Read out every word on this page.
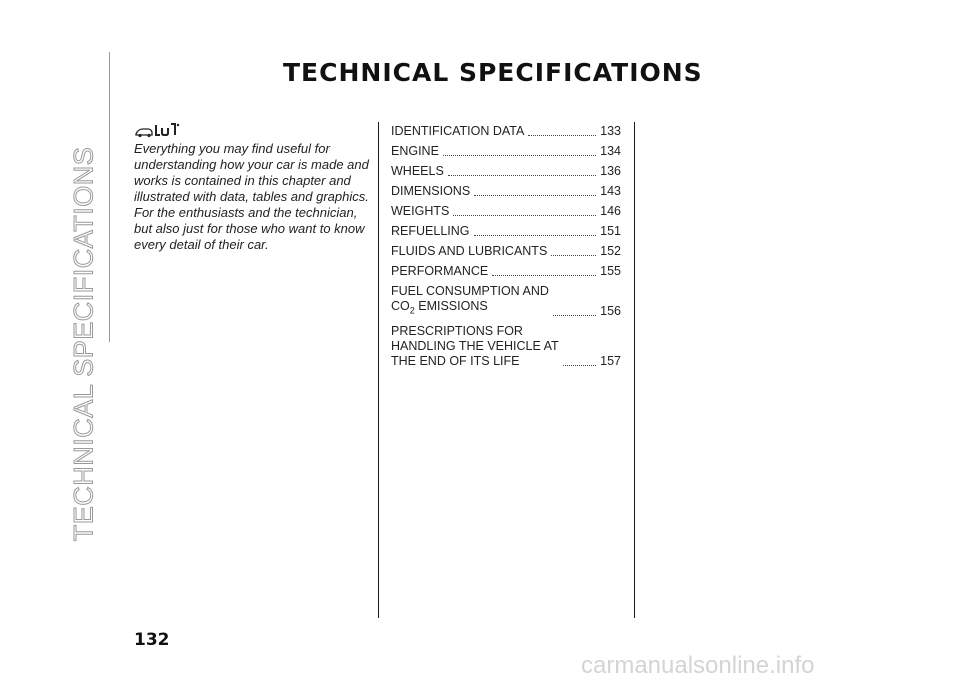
TECHNICAL SPECIFICATIONS
TECHNICAL SPECIFICATIONS
Everything you may find useful for understanding how your car is made and works is contained in this chapter and illustrated with data, tables and graphics. For the enthusiasts and the technician, but also just for those who want to know every detail of their car.
IDENTIFICATION DATA	133
ENGINE	134
WHEELS	136
DIMENSIONS	143
WEIGHTS	146
REFUELLING	151
FLUIDS AND LUBRICANTS	152
PERFORMANCE	155
FUEL CONSUMPTION AND
$CO_2$ EMISSIONS	156
PRESCRIPTIONS FOR
HANDLING THE VEHICLE AT
THE END OF ITS LIFE	157
132
carmanualsonline.info
